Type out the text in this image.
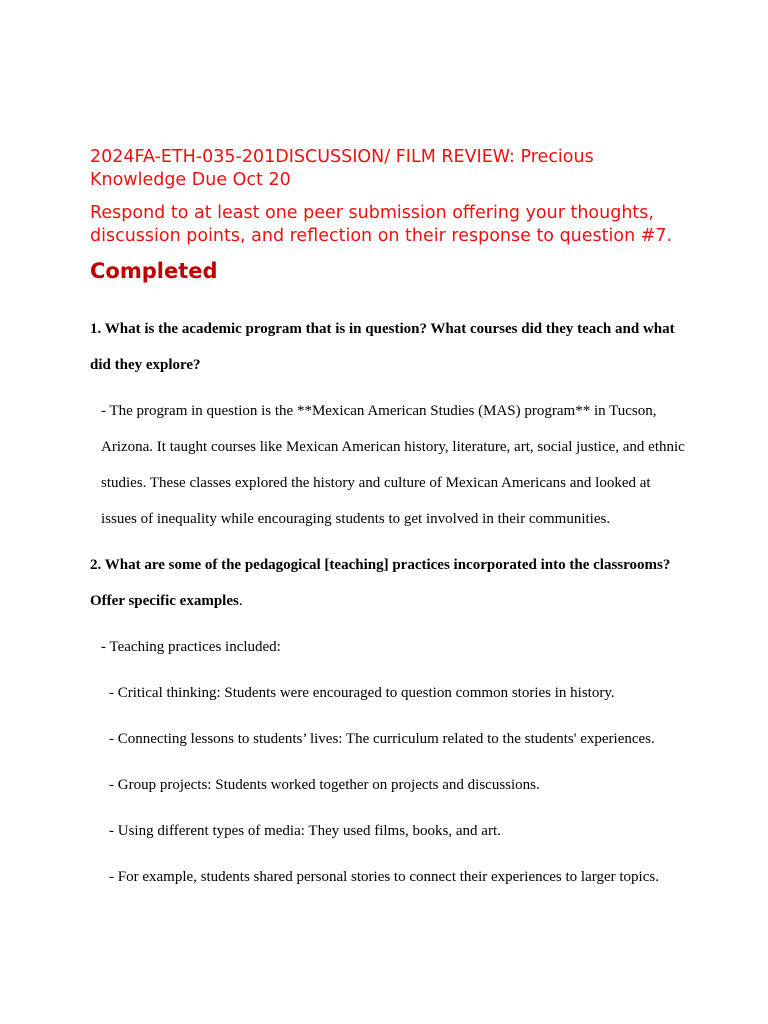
2024FA-ETH-035-201DISCUSSION/ FILM REVIEW: Precious Knowledge Due Oct 20
Respond to at least one peer submission offering your thoughts, discussion points, and reflection on their response to question #7.
Completed
1. What is the academic program that is in question? What courses did they teach and what did they explore?
- The program in question is the **Mexican American Studies (MAS) program** in Tucson, Arizona. It taught courses like Mexican American history, literature, art, social justice, and ethnic studies. These classes explored the history and culture of Mexican Americans and looked at issues of inequality while encouraging students to get involved in their communities.
2. What are some of the pedagogical [teaching] practices incorporated into the classrooms? Offer specific examples.
- Teaching practices included:
- Critical thinking: Students were encouraged to question common stories in history.
- Connecting lessons to students’ lives: The curriculum related to the students' experiences.
- Group projects: Students worked together on projects and discussions.
- Using different types of media: They used films, books, and art.
- For example, students shared personal stories to connect their experiences to larger topics.
